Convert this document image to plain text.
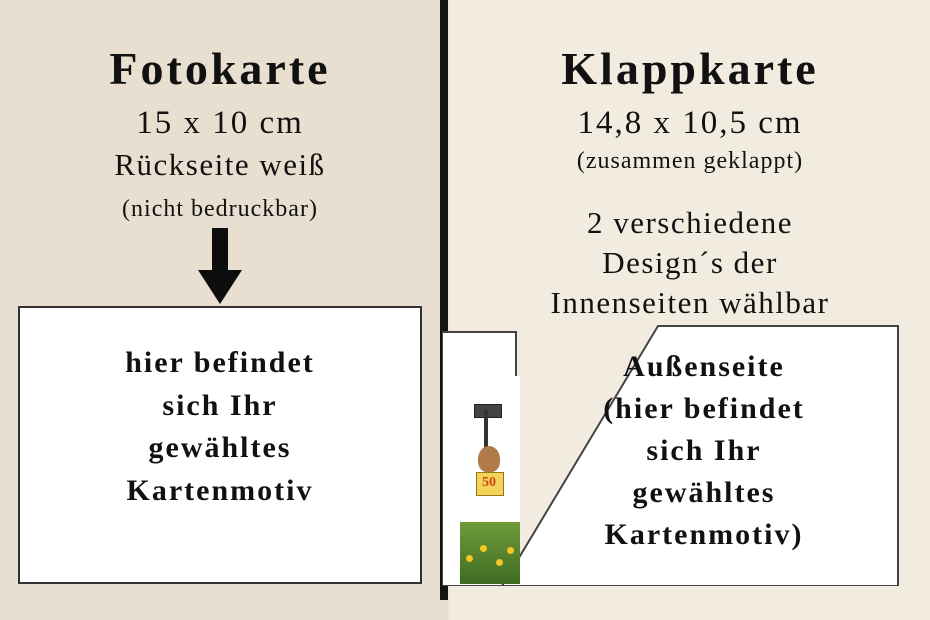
Fotokarte
15 x 10 cm
Rückseite weiß
(nicht bedruckbar)
hier befindet
sich Ihr
gewähltes
Kartenmotiv
Klappkarte
14,8 x 10,5 cm
(zusammen geklappt)
2 verschiedene
Design´s der
Innenseiten wählbar
50
Außenseite
(hier befindet
sich Ihr
gewähltes
Kartenmotiv)
